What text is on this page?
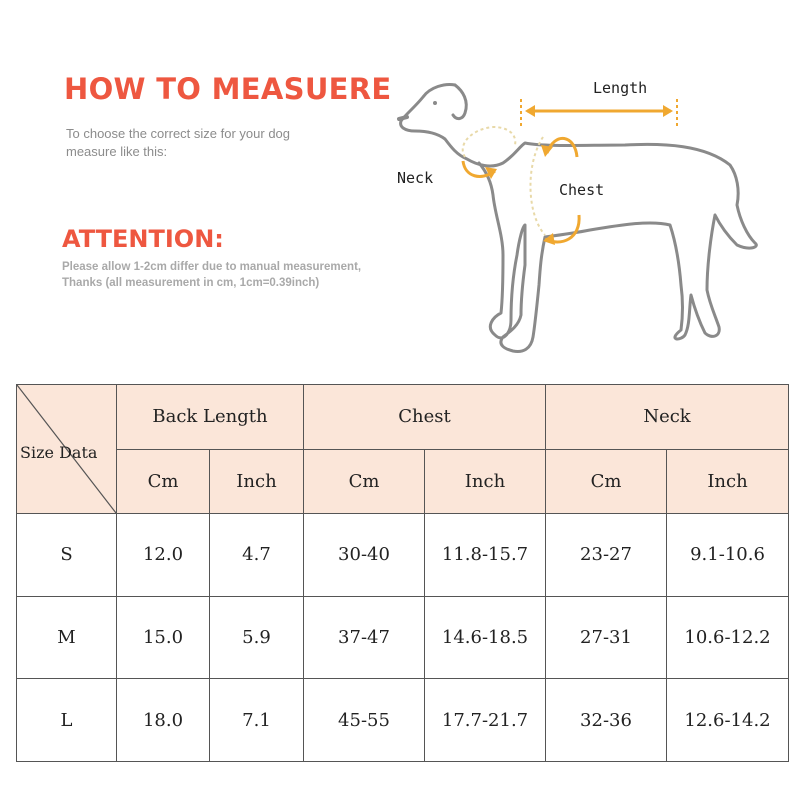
HOW TO MEASUERE
To choose the correct size for your dog
measure like this:
ATTENTION:
Please allow 1-2cm differ due to manual measurement,
Thanks (all measurement in cm, 1cm=0.39inch)
Length
Neck
Chest
Size Data	Back Length		Chest		Neck	
	Cm	Inch	Cm	Inch	Cm	Inch
S	12.0	4.7	30-40	11.8-15.7	23-27	9.1-10.6
M	15.0	5.9	37-47	14.6-18.5	27-31	10.6-12.2
L	18.0	7.1	45-55	17.7-21.7	32-36	12.6-14.2
